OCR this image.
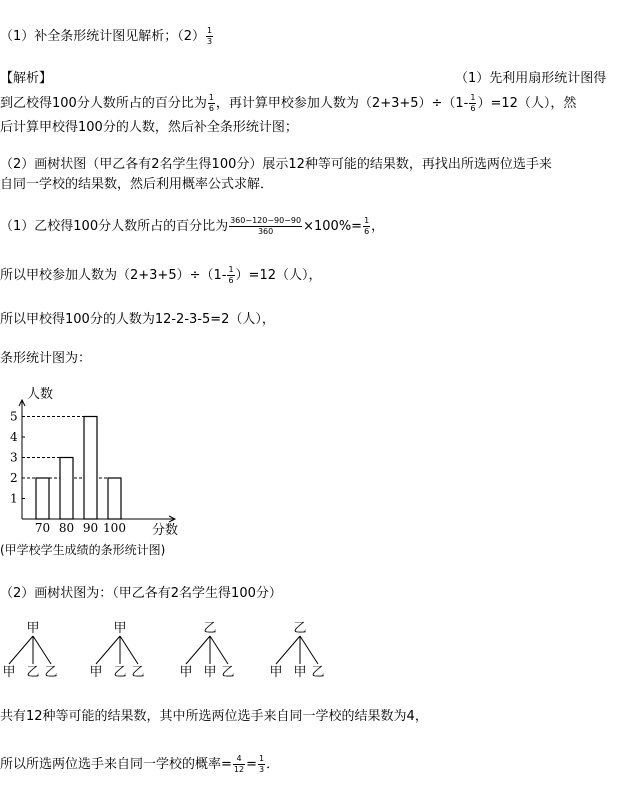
（1）补全条形统计图见解析；$(2) \frac{1}{3}$
【解析】	（1）先利用扇形统计图得
到乙校得100分人数所占的百分比为 $\frac{1}{6}$ ，再计算甲校参加人数为$(2+3+5)\div(1- \frac{1}{6} )=12$（人），然
后计算甲校得100分的人数，然后补全条形统计图；
（2）画树状图（甲乙各有2名学生得100分）展示12种等可能的结果数，再找出所选两位选手来
自同一学校的结果数，然后利用概率公式求解．
（1）乙校得100分人数所占的百分比为 $\frac{360-120-90-90}{360} \times 100\%= \frac{1}{6}$ ，
所以甲校参加人数为$(2+3+5)\div(1- \frac{1}{6} )=12$（人），
所以甲校得100分的人数为12-2-3-5=2（人），
条形统计图为：
1
2
3
4
5
70 80 90 100
甲
甲 乙 乙
甲
甲 乙 乙
乙
甲 甲 乙
乙
甲 甲 乙
人数
分数
(甲学校学生成绩的条形统计图)
（2）画树状图为：（甲乙各有2名学生得100分）
共有12种等可能的结果数，其中所选两位选手来自同一学校的结果数为4，
所以所选两位选手来自同一学校的概率= $\frac{4}{12} = \frac{1}{3}$ ．
